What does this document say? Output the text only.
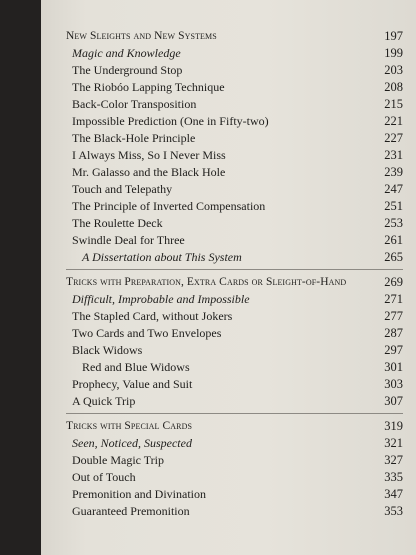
New Sleights and New Systems	197
Magic and Knowledge	199
The Underground Stop	203
The Riobóo Lapping Technique	208
Back-Color Transposition	215
Impossible Prediction (One in Fifty-two)	221
The Black-Hole Principle	227
I Always Miss, So I Never Miss	231
Mr. Galasso and the Black Hole	239
Touch and Telepathy	247
The Principle of Inverted Compensation	251
The Roulette Deck	253
Swindle Deal for Three	261
A Dissertation about This System	265
Tricks with Preparation, Extra Cards or Sleight-of-Hand	269
Difficult, Improbable and Impossible	271
The Stapled Card, without Jokers	277
Two Cards and Two Envelopes	287
Black Widows	297
Red and Blue Widows	301
Prophecy, Value and Suit	303
A Quick Trip	307
Tricks with Special Cards	319
Seen, Noticed, Suspected	321
Double Magic Trip	327
Out of Touch	335
Premonition and Divination	347
Guaranteed Premonition	353
